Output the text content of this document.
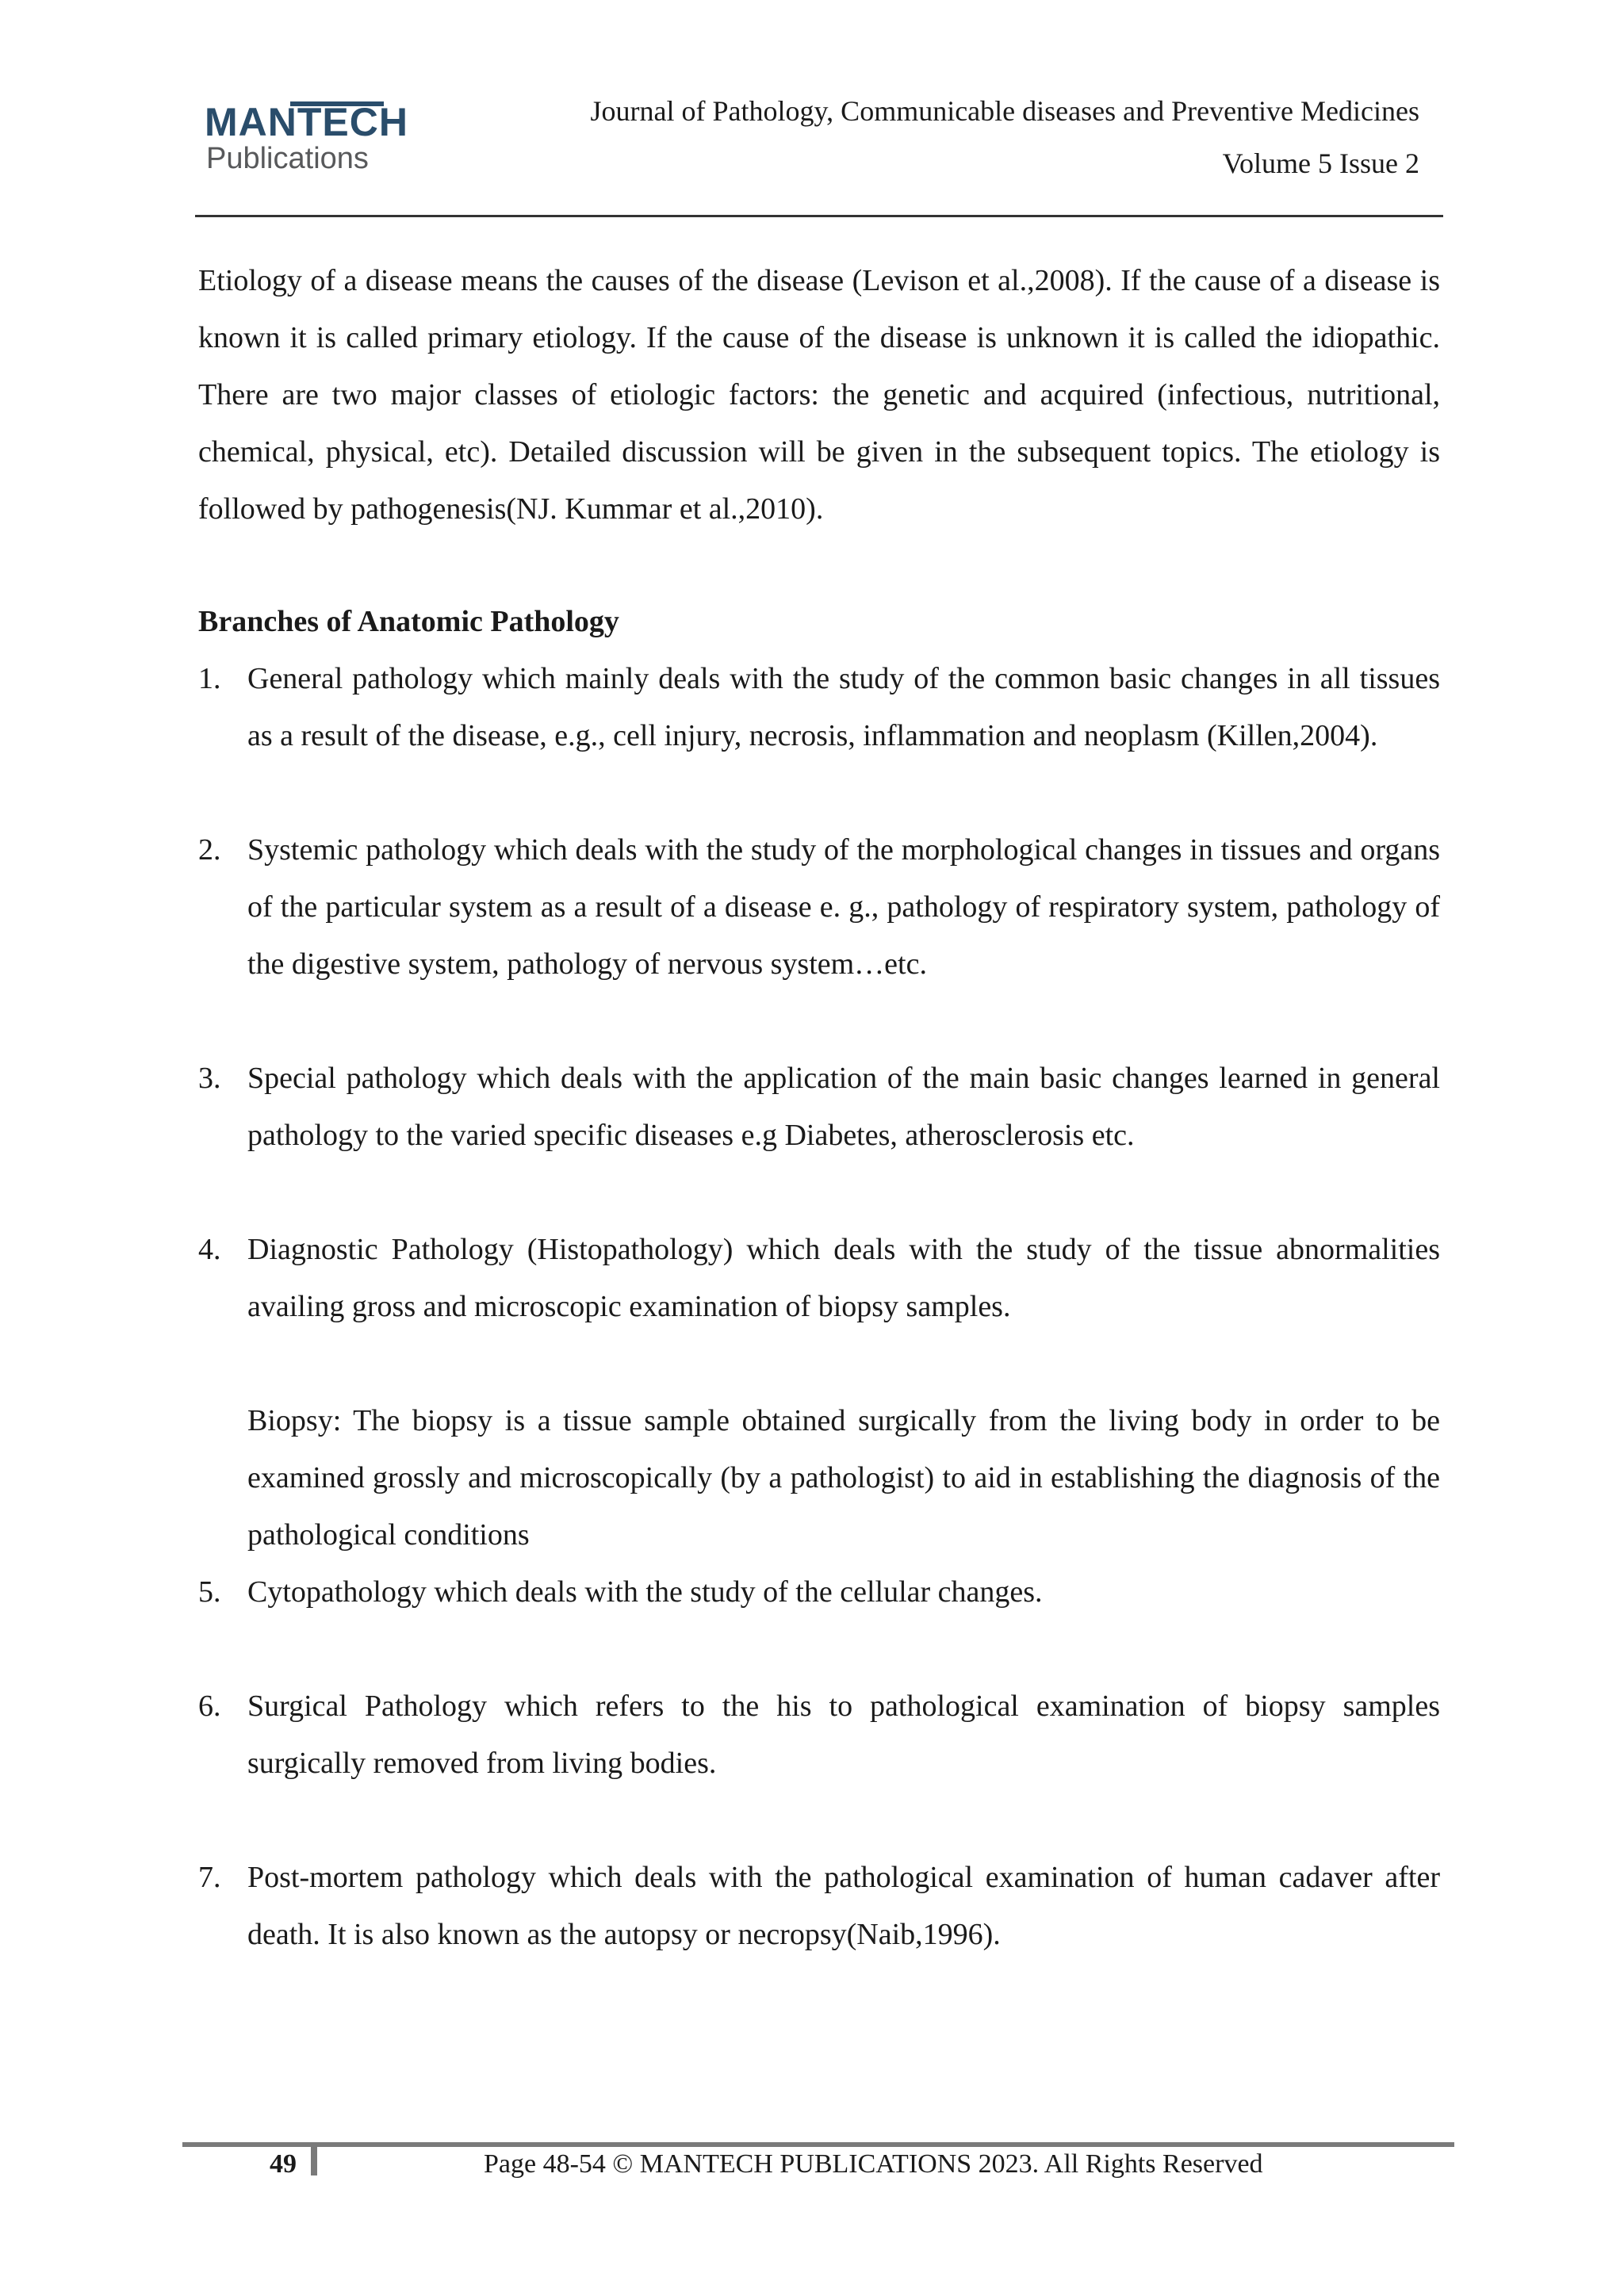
MANTECH
Publications
Journal of Pathology, Communicable diseases and Preventive Medicines
Volume 5 Issue 2

Etiology of a disease means the causes of the disease (Levison et al.,2008). If the cause of a disease is known it is called primary etiology. If the cause of the disease is unknown it is called the idiopathic. There are two major classes of etiologic factors: the genetic and acquired (infectious, nutritional, chemical, physical, etc). Detailed discussion will be given in the subsequent topics. The etiology is followed by pathogenesis(NJ. Kummar et al.,2010).

Branches of Anatomic Pathology
1. General pathology which mainly deals with the study of the common basic changes in all tissues as a result of the disease, e.g., cell injury, necrosis, inflammation and neoplasm (Killen,2004).
2. Systemic pathology which deals with the study of the morphological changes in tissues and organs of the particular system as a result of a disease e. g., pathology of respiratory system, pathology of the digestive system, pathology of nervous system…etc.
3. Special pathology which deals with the application of the main basic changes learned in general pathology to the varied specific diseases e.g Diabetes, atherosclerosis etc.
4. Diagnostic Pathology (Histopathology) which deals with the study of the tissue abnormalities availing gross and microscopic examination of biopsy samples.

Biopsy: The biopsy is a tissue sample obtained surgically from the living body in order to be examined grossly and microscopically (by a pathologist) to aid in establishing the diagnosis of the pathological conditions

5. Cytopathology which deals with the study of the cellular changes.
6. Surgical Pathology which refers to the his to pathological examination of biopsy samples surgically removed from living bodies.
7. Post-mortem pathology which deals with the pathological examination of human cadaver after death. It is also known as the autopsy or necropsy(Naib,1996).
49	Page 48-54 © MANTECH PUBLICATIONS 2023. All Rights Reserved
